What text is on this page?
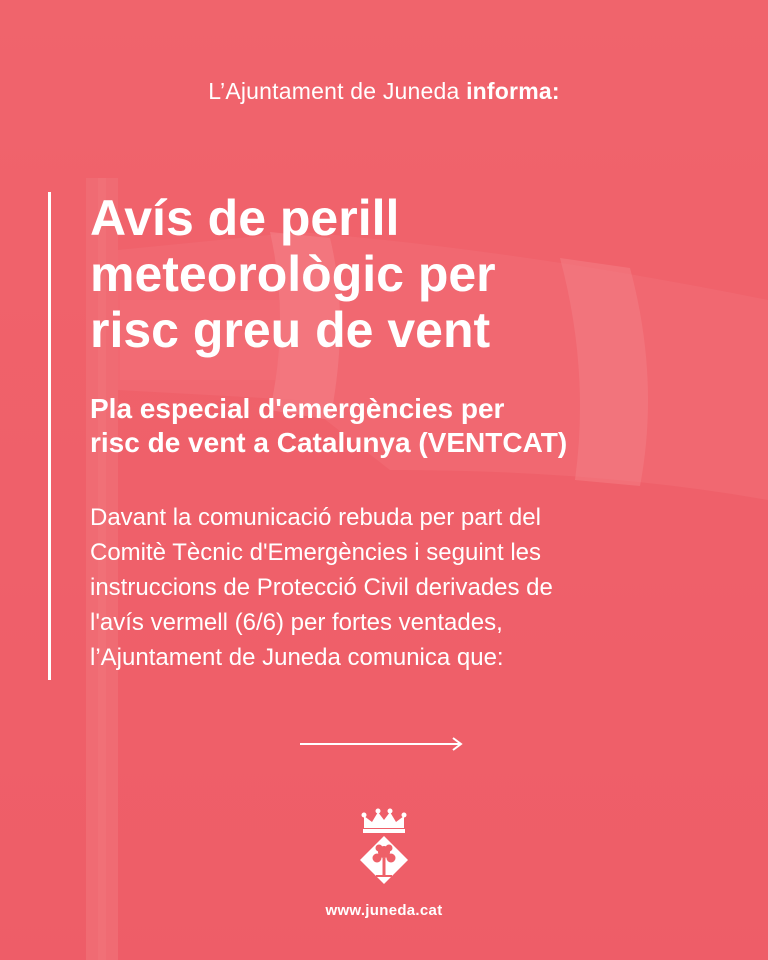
L’Ajuntament de Juneda informa:
Avís de perill
meteorològic per
risc greu de vent
Pla especial d'emergències per
risc de vent a Catalunya (VENTCAT)

Davant la comunicació rebuda per part del
Comitè Tècnic d'Emergències i seguint les
instruccions de Protecció Civil derivades de
l'avís vermell (6/6) per fortes ventades,
l’Ajuntament de Juneda comunica que:

www.juneda.cat
